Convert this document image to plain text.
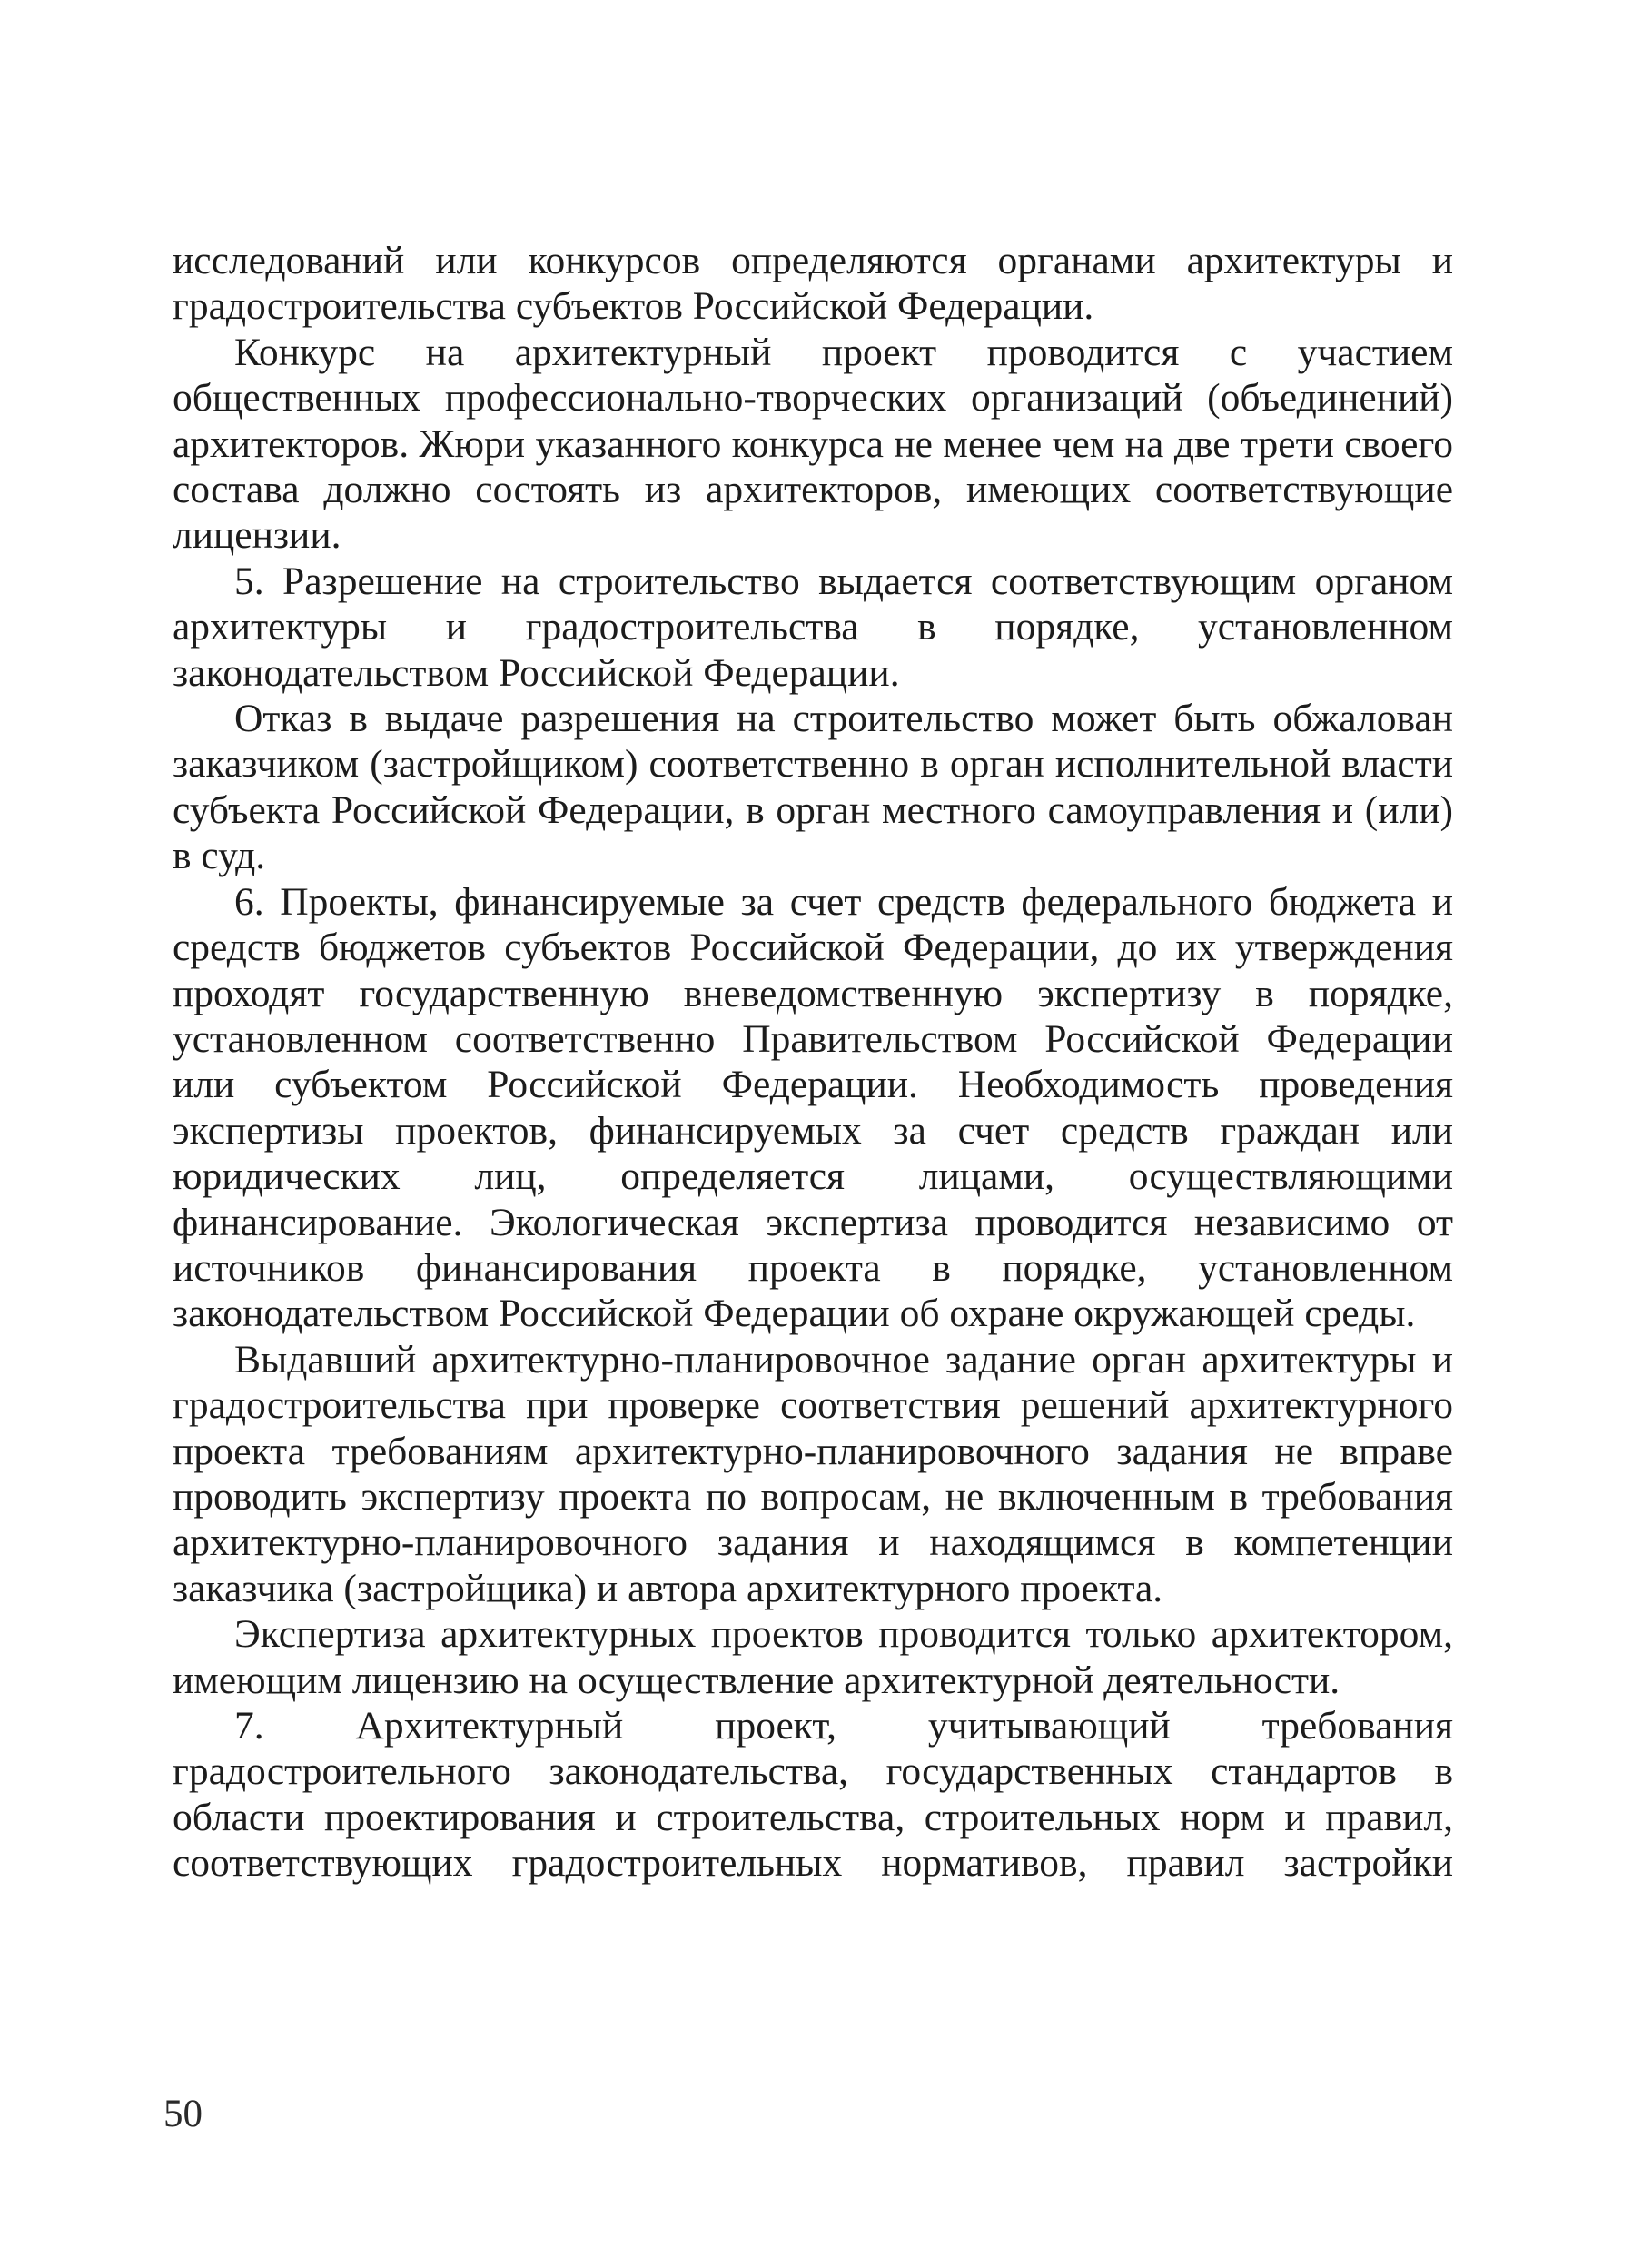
исследований или конкурсов определяются органами архитектуры и градостроительства субъектов Российской Федерации.

Конкурс на архитектурный проект проводится с участием общественных профессионально-творческих организаций (объединений) архитекторов. Жюри указанного конкурса не менее чем на две трети своего состава должно состоять из архитекторов, имеющих соответствующие лицензии.

5. Разрешение на строительство выдается соответствующим органом архитектуры и градостроительства в порядке, установленном законодательством Российской Федерации.

Отказ в выдаче разрешения на строительство может быть обжалован заказчиком (застройщиком) соответственно в орган исполнительной власти субъекта Российской Федерации, в орган местного самоуправления и (или) в суд.

6. Проекты, финансируемые за счет средств федерального бюджета и средств бюджетов субъектов Российской Федерации, до их утверждения проходят государственную вневедомственную экспертизу в порядке, установленном соответственно Правительством Российской Федерации или субъектом Российской Федерации. Необходимость проведения экспертизы проектов, финансируемых за счет средств граждан или юридических лиц, определяется лицами, осуществляющими финансирование. Экологическая экспертиза проводится независимо от источников финансирования проекта в порядке, установленном законодательством Российской Федерации об охране окружающей среды.

Выдавший архитектурно-планировочное задание орган архитектуры и градостроительства при проверке соответствия решений архитектурного проекта требованиям архитектурно-планировочного задания не вправе проводить экспертизу проекта по вопросам, не включенным в требования архитектурно-планировочного задания и находящимся в компетенции заказчика (застройщика) и автора архитектурного проекта.

Экспертиза архитектурных проектов проводится только архитектором, имеющим лицензию на осуществление архитектурной деятельности.

7. Архитектурный проект, учитывающий требования градостроительного законодательства, государственных стандартов в области проектирования и строительства, строительных норм и правил, соответствующих градостроительных нормативов, правил застройки

50
